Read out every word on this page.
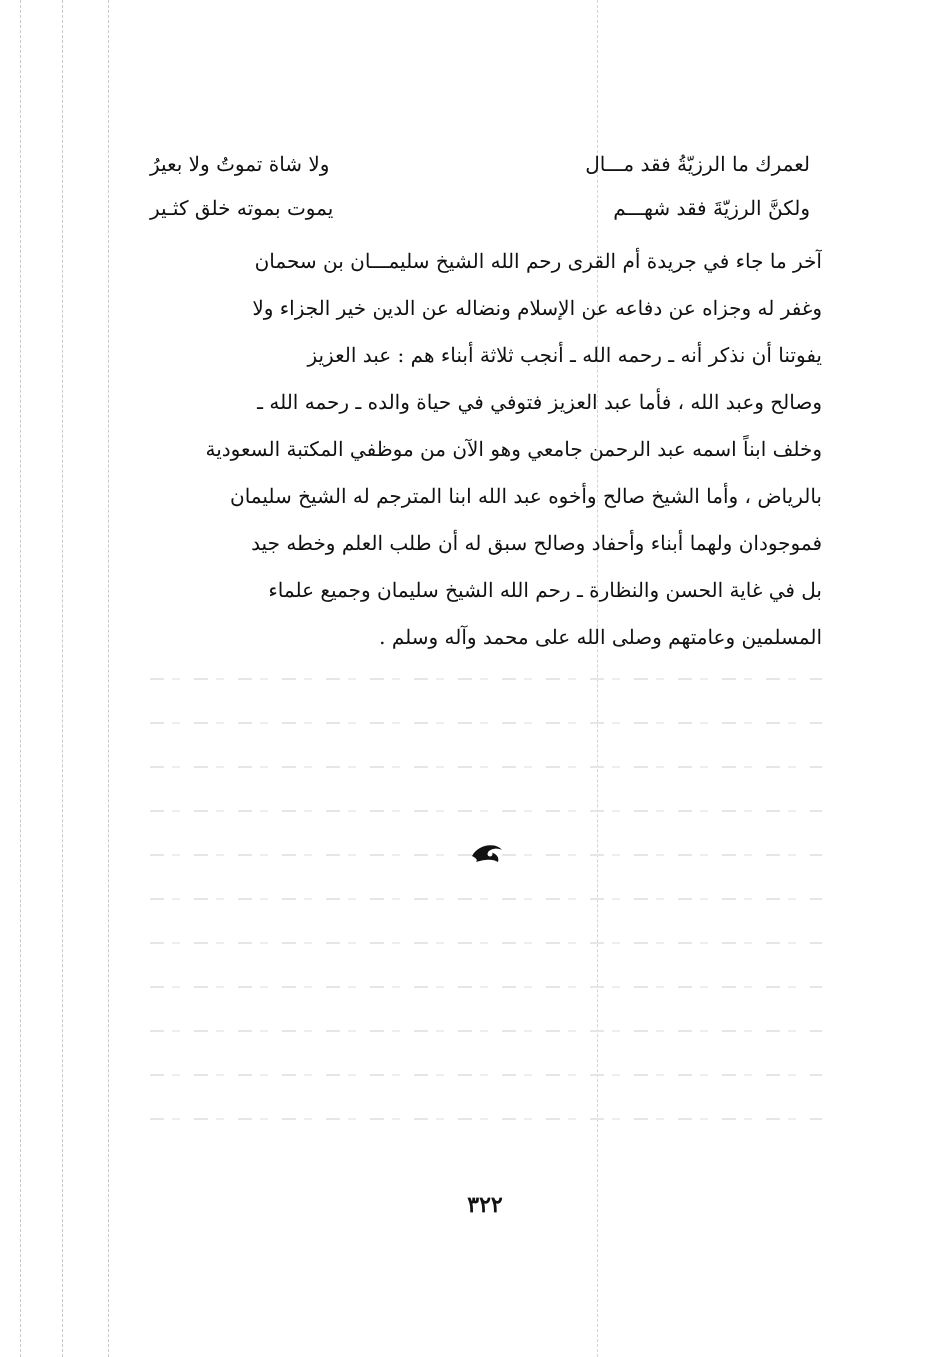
لعمرك ما الرزيّةُ فقد مـــال
ولا شاة تموتُ ولا بعيرُ
ولكنَّ الرزيّةَ فقد شهـــم
يموت بموته خلق كثـير
آخر ما جاء في جريدة أم القرى رحم الله الشيخ سليمـــان بن سحمان
وغفر له وجزاه عن دفاعه عن الإسلام ونضاله عن الدين خير الجزاء ولا
يفوتنا أن نذكر أنه ـ رحمه الله ـ أنجب ثلاثة أبناء هم : عبد العزيز
وصالح وعبد الله ، فأما عبد العزيز فتوفي في حياة والده ـ رحمه الله ـ
وخلف ابناً اسمه عبد الرحمن جامعي وهو الآن من موظفي المكتبة السعودية
بالرياض ، وأما الشيخ صالح وأخوه عبد الله ابنا المترجم له الشيخ سليمان
فموجودان ولهما أبناء وأحفاد وصالح سبق له أن طلب العلم وخطه جيد
بل في غاية الحسن والنظارة ـ رحم الله الشيخ سليمان وجميع علماء
المسلمين وعامتهم وصلى الله على محمد وآله وسلم .
٣٢٢
